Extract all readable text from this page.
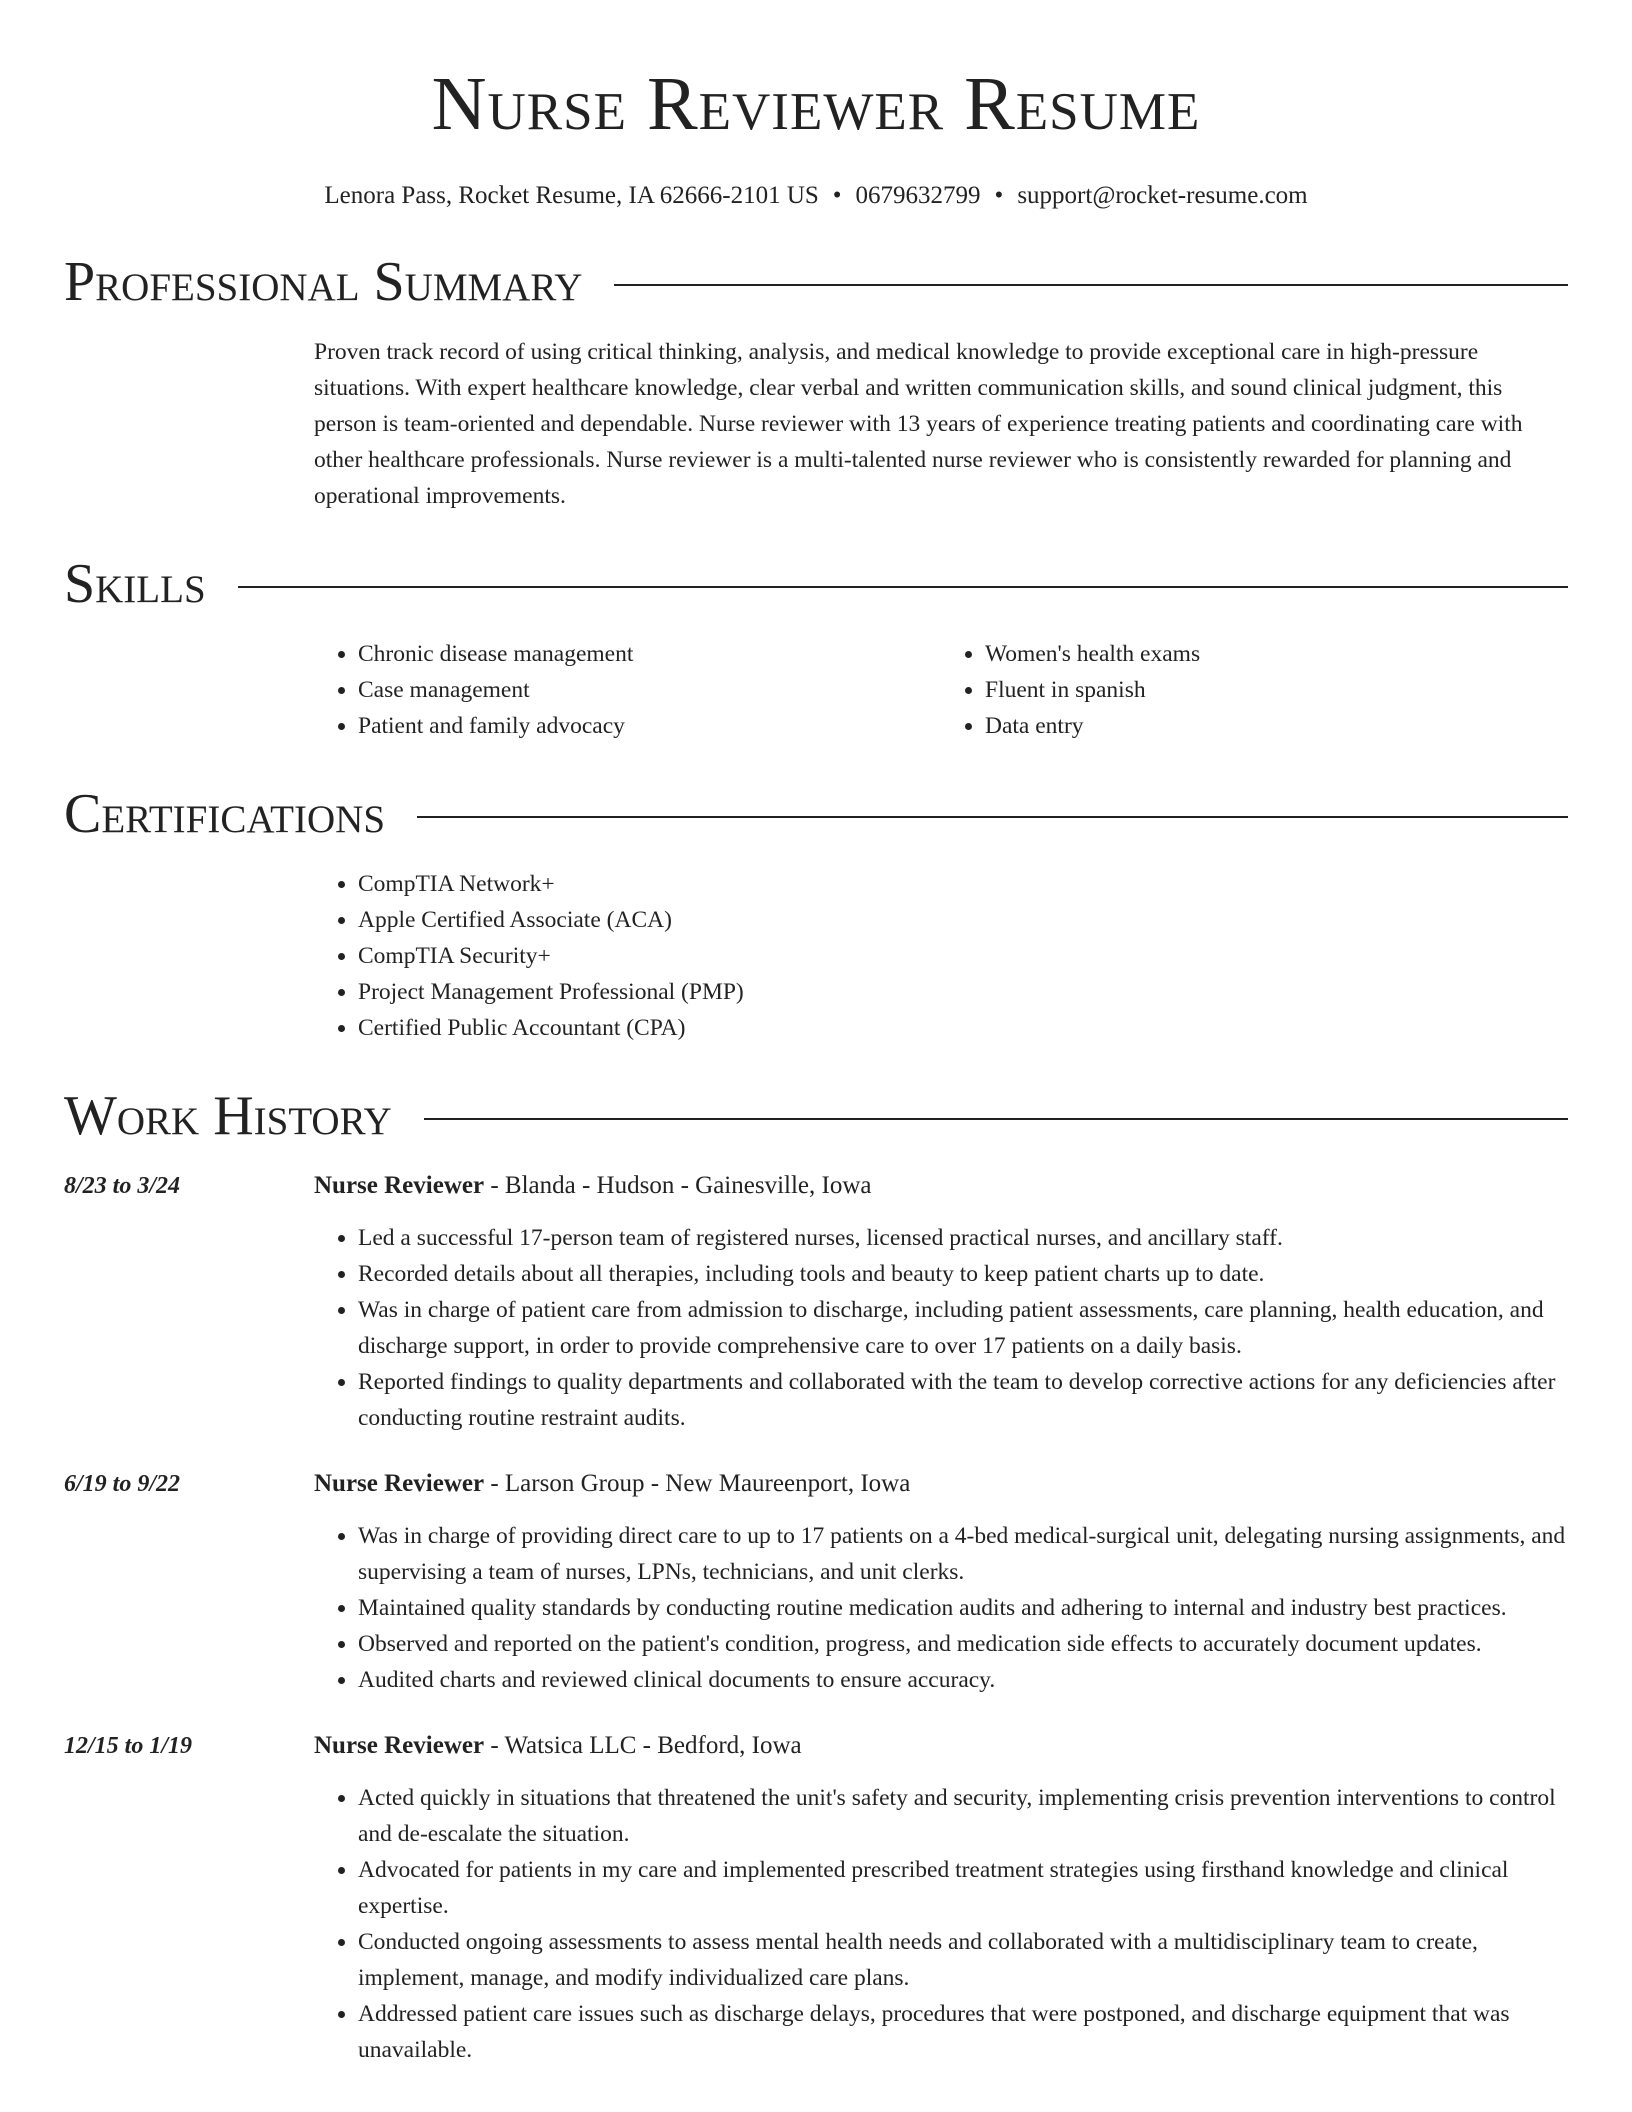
Nurse Reviewer Resume
Lenora Pass, Rocket Resume, IA 62666-2101 US • 0679632799 • support@rocket-resume.com
Professional Summary

Proven track record of using critical thinking, analysis, and medical knowledge to provide exceptional care in high-pressure situations. With expert healthcare knowledge, clear verbal and written communication skills, and sound clinical judgment, this person is team-oriented and dependable. Nurse reviewer with 13 years of experience treating patients and coordinating care with other healthcare professionals. Nurse reviewer is a multi-talented nurse reviewer who is consistently rewarded for planning and operational improvements.

Skills
• Chronic disease management
• Case management
• Patient and family advocacy
• Women's health exams
• Fluent in spanish
• Data entry
Certifications
• CompTIA Network+
• Apple Certified Associate (ACA)
• CompTIA Security+
• Project Management Professional (PMP)
• Certified Public Accountant (CPA)
Work History
8/23 to 3/24	Nurse Reviewer - Blanda - Hudson - Gainesville, Iowa
• Led a successful 17-person team of registered nurses, licensed practical nurses, and ancillary staff.
• Recorded details about all therapies, including tools and beauty to keep patient charts up to date.
• Was in charge of patient care from admission to discharge, including patient assessments, care planning, health education, and discharge support, in order to provide comprehensive care to over 17 patients on a daily basis.
• Reported findings to quality departments and collaborated with the team to develop corrective actions for any deficiencies after conducting routine restraint audits.
6/19 to 9/22	Nurse Reviewer - Larson Group - New Maureenport, Iowa
• Was in charge of providing direct care to up to 17 patients on a 4-bed medical-surgical unit, delegating nursing assignments, and supervising a team of nurses, LPNs, technicians, and unit clerks.
• Maintained quality standards by conducting routine medication audits and adhering to internal and industry best practices.
• Observed and reported on the patient's condition, progress, and medication side effects to accurately document updates.
• Audited charts and reviewed clinical documents to ensure accuracy.
12/15 to 1/19	Nurse Reviewer - Watsica LLC - Bedford, Iowa
• Acted quickly in situations that threatened the unit's safety and security, implementing crisis prevention interventions to control and de-escalate the situation.
• Advocated for patients in my care and implemented prescribed treatment strategies using firsthand knowledge and clinical expertise.
• Conducted ongoing assessments to assess mental health needs and collaborated with a multidisciplinary team to create, implement, manage, and modify individualized care plans.
• Addressed patient care issues such as discharge delays, procedures that were postponed, and discharge equipment that was unavailable.
